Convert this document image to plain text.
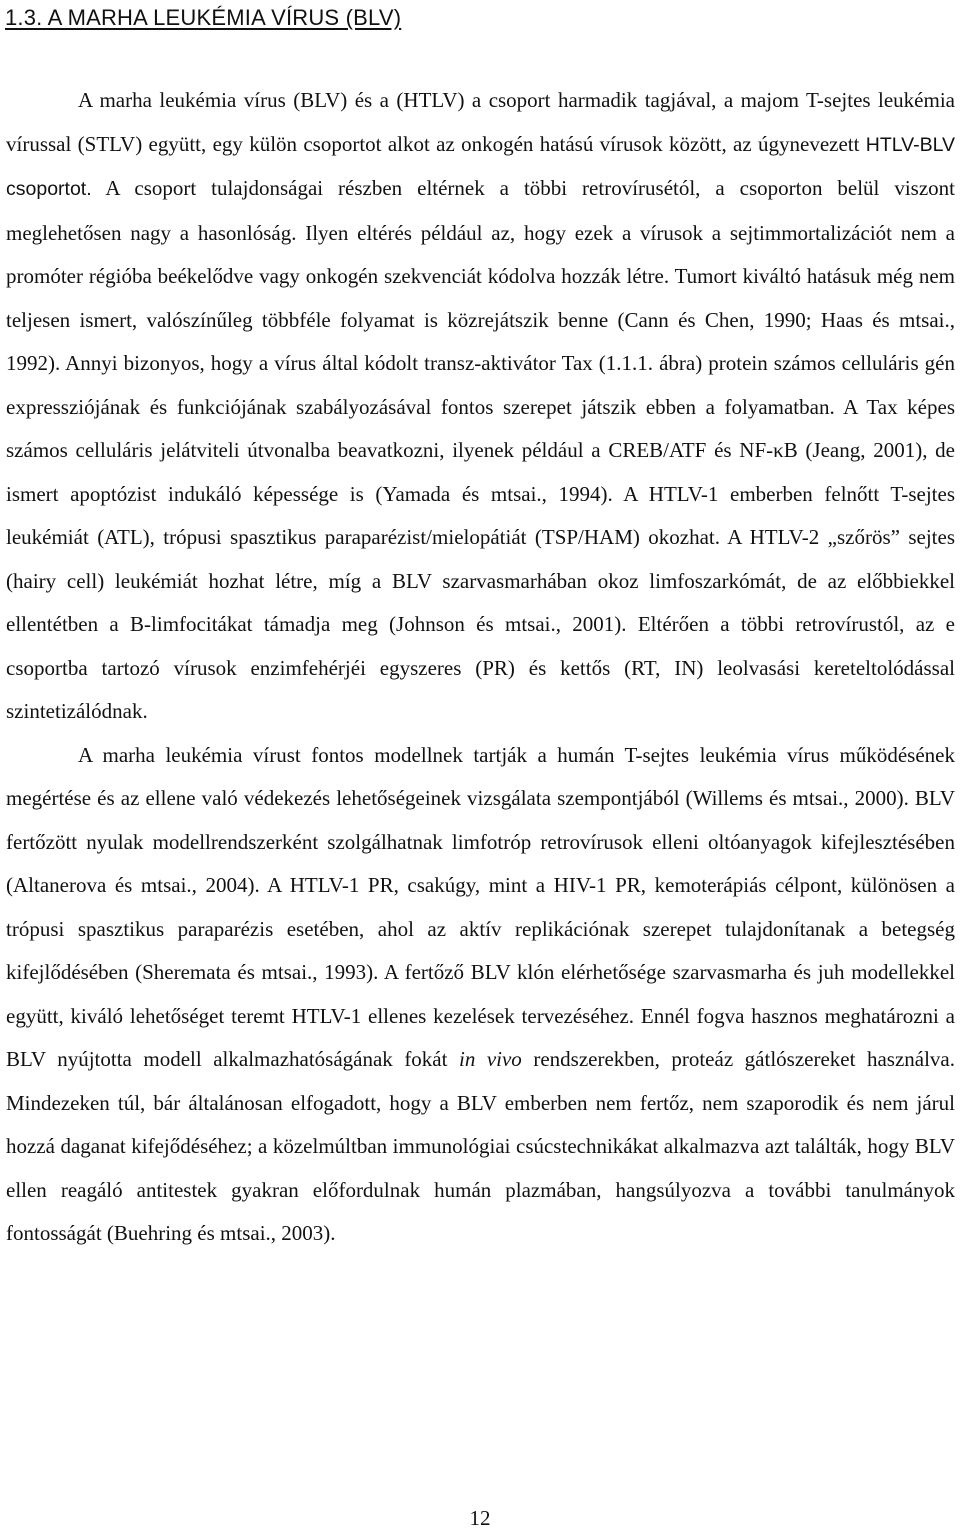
1.3. A MARHA LEUKÉMIA VÍRUS (BLV)

A marha leukémia vírus (BLV) és a (HTLV) a csoport harmadik tagjával, a majom T-sejtes leukémia vírussal (STLV) együtt, egy külön csoportot alkot az onkogén hatású vírusok között, az úgynevezett HTLV-BLV csoportot. A csoport tulajdonságai részben eltérnek a többi retrovírusétól, a csoporton belül viszont meglehetősen nagy a hasonlóság. Ilyen eltérés például az, hogy ezek a vírusok a sejtimmortalizációt nem a promóter régióba beékelődve vagy onkogén szekvenciát kódolva hozzák létre. Tumort kiváltó hatásuk még nem teljesen ismert, valószínűleg többféle folyamat is közrejátszik benne (Cann és Chen, 1990; Haas és mtsai., 1992). Annyi bizonyos, hogy a vírus által kódolt transz-aktivátor Tax (1.1.1. ábra) protein számos celluláris gén expressziójának és funkciójának szabályozásával fontos szerepet játszik ebben a folyamatban. A Tax képes számos celluláris jelátviteli útvonalba beavatkozni, ilyenek például a CREB/ATF és NF-κB (Jeang, 2001), de ismert apoptózist indukáló képessége is (Yamada és mtsai., 1994). A HTLV-1 emberben felnőtt T-sejtes leukémiát (ATL), trópusi spasztikus paraparézist/mielopátiát (TSP/HAM) okozhat. A HTLV-2 „szőrös” sejtes (hairy cell) leukémiát hozhat létre, míg a BLV szarvasmarhában okoz limfoszarkómát, de az előbbiekkel ellentétben a B-limfocitákat támadja meg (Johnson és mtsai., 2001). Eltérően a többi retrovírustól, az e csoportba tartozó vírusok enzimfehérjéi egyszeres (PR) és kettős (RT, IN) leolvasási kereteltolódással szintetizálódnak.

A marha leukémia vírust fontos modellnek tartják a humán T-sejtes leukémia vírus működésének megértése és az ellene való védekezés lehetőségeinek vizsgálata szempontjából (Willems és mtsai., 2000). BLV fertőzött nyulak modellrendszerként szolgálhatnak limfotróp retrovírusok elleni oltóanyagok kifejlesztésében (Altanerova és mtsai., 2004). A HTLV-1 PR, csakúgy, mint a HIV-1 PR, kemoterápiás célpont, különösen a trópusi spasztikus paraparézis esetében, ahol az aktív replikációnak szerepet tulajdonítanak a betegség kifejlődésében (Sheremata és mtsai., 1993). A fertőző BLV klón elérhetősége szarvasmarha és juh modellekkel együtt, kiváló lehetőséget teremt HTLV-1 ellenes kezelések tervezéséhez. Ennél fogva hasznos meghatározni a BLV nyújtotta modell alkalmazhatóságának fokát in vivo rendszerekben, proteáz gátlószereket használva. Mindezeken túl, bár általánosan elfogadott, hogy a BLV emberben nem fertőz, nem szaporodik és nem járul hozzá daganat kifejődéséhez; a közelmúltban immunológiai csúcstechnikákat alkalmazva azt találták, hogy BLV ellen reagáló antitestek gyakran előfordulnak humán plazmában, hangsúlyozva a további tanulmányok fontosságát (Buehring és mtsai., 2003).

12
